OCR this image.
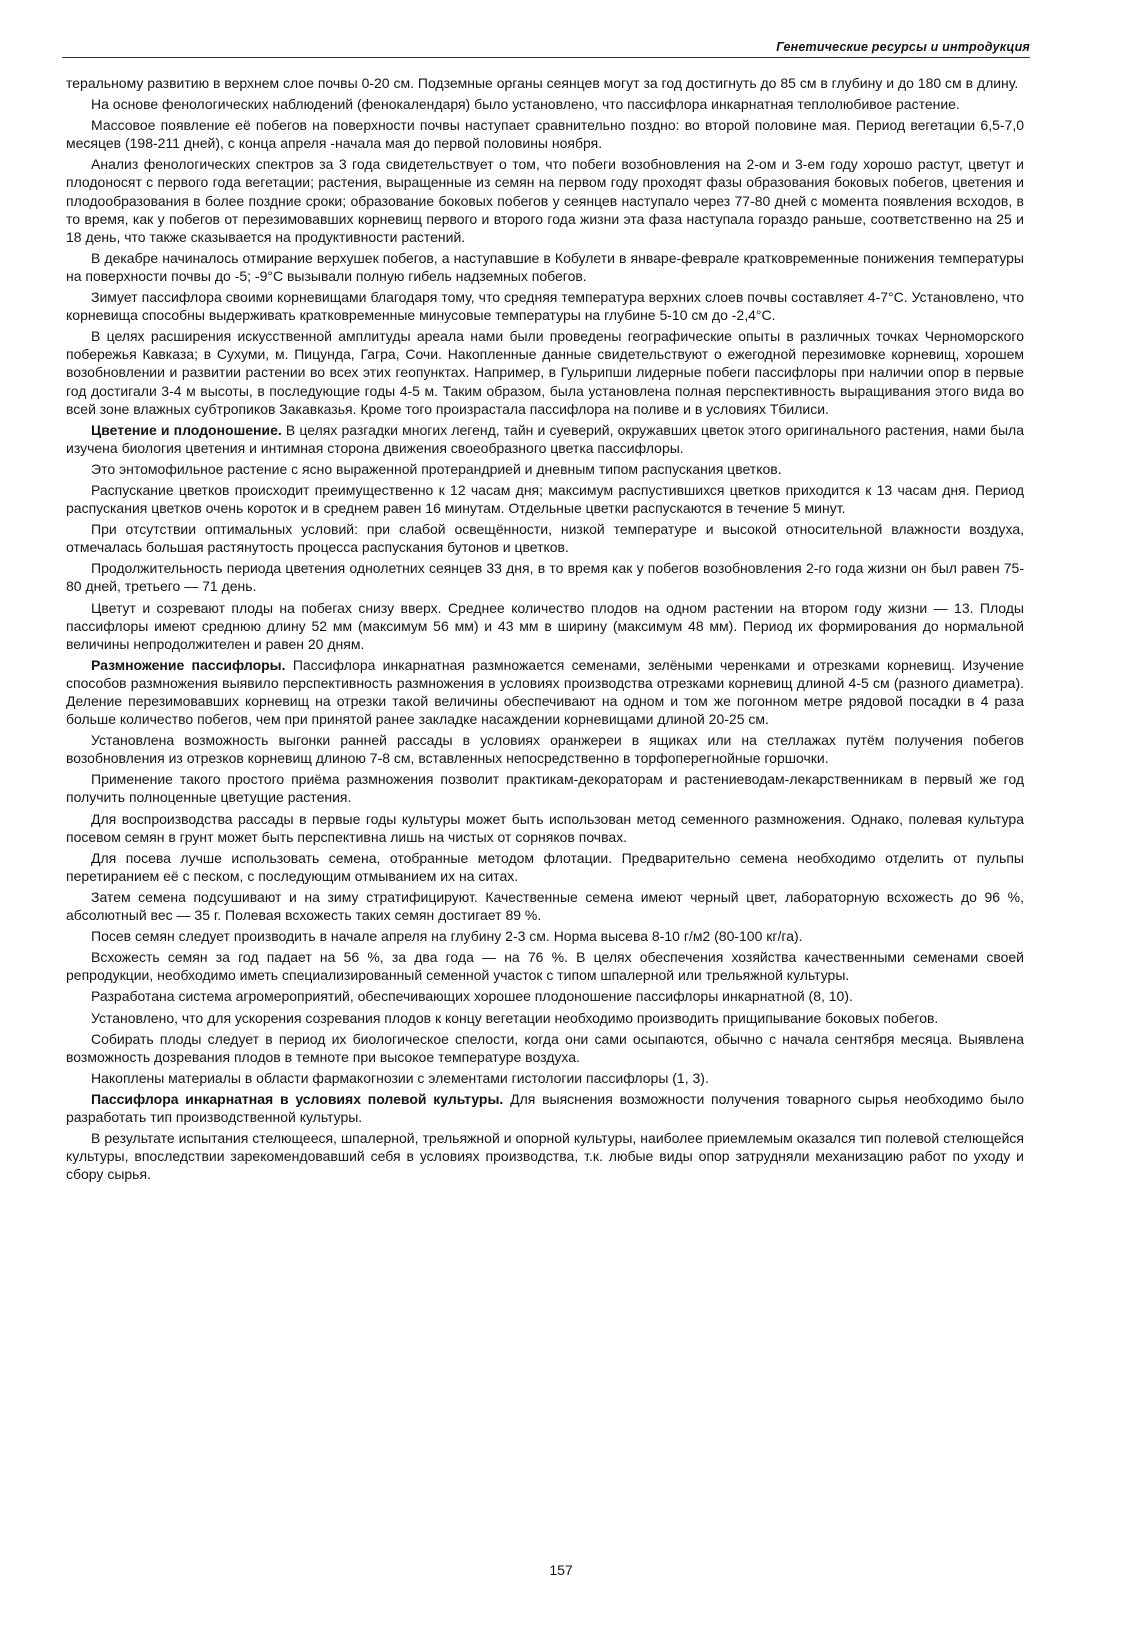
Генетические ресурсы и интродукция

теральному развитию в верхнем слое почвы 0-20 см. Подземные органы сеянцев могут за год достигнуть до 85 см в глубину и до 180 см в длину.

На основе фенологических наблюдений (фенокалендаря) было установлено, что пассифлора инкарнатная теплолюбивое растение.

Массовое появление её побегов на поверхности почвы наступает сравнительно поздно: во второй половине мая. Период вегетации 6,5-7,0 месяцев (198-211 дней), с конца апреля -начала мая до первой половины ноября.

Анализ фенологических спектров за 3 года свидетельствует о том, что побеги возобновления на 2-ом и 3-ем году хорошо растут, цветут и плодоносят с первого года вегетации; растения, выращенные из семян на первом году проходят фазы образования боковых побегов, цветения и плодообразования в более поздние сроки; образование боковых побегов у сеянцев наступало через 77-80 дней с момента появления всходов, в то время, как у побегов от перезимовавших корневищ первого и второго года жизни эта фаза наступала гораздо раньше, соответственно на 25 и 18 день, что также сказывается на продуктивности растений.

В декабре начиналось отмирание верхушек побегов, а наступавшие в Кобулети в январе-феврале кратковременные понижения температуры на поверхности почвы до -5; -9°С вызывали полную гибель надземных побегов.

Зимует пассифлора своими корневищами благодаря тому, что средняя температура верхних слоев почвы составляет 4-7°С. Установлено, что корневища способны выдерживать кратковременные минусовые температуры на глубине 5-10 см до -2,4°С.

В целях расширения искусственной амплитуды ареала нами были проведены географические опыты в различных точках Черноморского побережья Кавказа; в Сухуми, м. Пицунда, Гагра, Сочи. Накопленные данные свидетельствуют о ежегодной перезимовке корневищ, хорошем возобновлении и развитии растении во всех этих геопунктах. Например, в Гульрипши лидерные побеги пассифлоры при наличии опор в первые год достигали 3-4 м высоты, в последующие годы 4-5 м. Таким образом, была установлена полная перспективность выращивания этого вида во всей зоне влажных субтропиков Закавказья. Кроме того произрастала пассифлора на поливе и в условиях Тбилиси.

Цветение и плодоношение. В целях разгадки многих легенд, тайн и суеверий, окружавших цветок этого оригинального растения, нами была изучена биология цветения и интимная сторона движения своеобразного цветка пассифлоры.

Это энтомофильное растение с ясно выраженной протерандрией и дневным типом распускания цветков.

Распускание цветков происходит преимущественно к 12 часам дня; максимум распустившихся цветков приходится к 13 часам дня. Период распускания цветков очень короток и в среднем равен 16 минутам. Отдельные цветки распускаются в течение 5 минут.

При отсутствии оптимальных условий: при слабой освещённости, низкой температуре и высокой относительной влажности воздуха, отмечалась большая растянутость процесса распускания бутонов и цветков.

Продолжительность периода цветения однолетних сеянцев 33 дня, в то время как у побегов возобновления 2-го года жизни он был равен 75-80 дней, третьего — 71 день.

Цветут и созревают плоды на побегах снизу вверх. Среднее количество плодов на одном растении на втором году жизни — 13. Плоды пассифлоры имеют среднюю длину 52 мм (максимум 56 мм) и 43 мм в ширину (максимум 48 мм). Период их формирования до нормальной величины непродолжителен и равен 20 дням.

Размножение пассифлоры. Пассифлора инкарнатная размножается семенами, зелёными черенками и отрезками корневищ. Изучение способов размножения выявило перспективность размножения в условиях производства отрезками корневищ длиной 4-5 см (разного диаметра). Деление перезимовавших корневищ на отрезки такой величины обеспечивают на одном и том же погонном метре рядовой посадки в 4 раза больше количество побегов, чем при принятой ранее закладке насаждении корневищами длиной 20-25 см.

Установлена возможность выгонки ранней рассады в условиях оранжереи в ящиках или на стеллажах путём получения побегов возобновления из отрезков корневищ длиною 7-8 см, вставленных непосредственно в торфоперегнойные горшочки.

Применение такого простого приёма размножения позволит практикам-декораторам и растениеводам-лекарственникам в первый же год получить полноценные цветущие растения.

Для воспроизводства рассады в первые годы культуры может быть использован метод семенного размножения. Однако, полевая культура посевом семян в грунт может быть перспективна лишь на чистых от сорняков почвах.

Для посева лучше использовать семена, отобранные методом флотации. Предварительно семена необходимо отделить от пульпы перетиранием её с песком, с последующим отмыванием их на ситах.

Затем семена подсушивают и на зиму стратифицируют. Качественные семена имеют черный цвет, лабораторную всхожесть до 96 %, абсолютный вес — 35 г. Полевая всхожесть таких семян достигает 89 %.

Посев семян следует производить в начале апреля на глубину 2-3 см. Норма высева 8-10 г/м2 (80-100 кг/га).

Всхожесть семян за год падает на 56 %, за два года — на 76 %. В целях обеспечения хозяйства качественными семенами своей репродукции, необходимо иметь специализированный семенной участок с типом шпалерной или трельяжной культуры.

Разработана система агромероприятий, обеспечивающих хорошее плодоношение пассифлоры инкарнатной (8, 10).

Установлено, что для ускорения созревания плодов к концу вегетации необходимо производить прищипывание боковых побегов.

Собирать плоды следует в период их биологическое спелости, когда они сами осыпаются, обычно с начала сентября месяца. Выявлена возможность дозревания плодов в темноте при высокое температуре воздуха.

Накоплены материалы в области фармакогнозии с элементами гистологии пассифлоры (1, 3).

Пассифлора инкарнатная в условиях полевой культуры. Для выяснения возможности получения товарного сырья необходимо было разработать тип производственной культуры.

В результате испытания стелющееся, шпалерной, трельяжной и опорной культуры, наиболее приемлемым оказался тип полевой стелющейся культуры, впоследствии зарекомендовавший себя в условиях производства, т.к. любые виды опор затрудняли механизацию работ по уходу и сбору сырья.

157
